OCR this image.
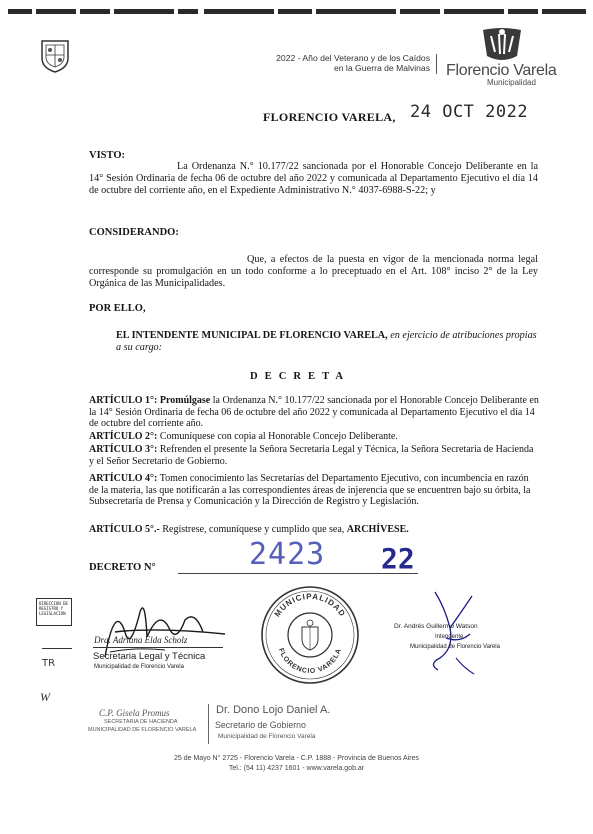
2022 - Año del Veterano y de los Caídos
en la Guerra de Malvinas Florencio Varela
Municipalidad
FLORENCIO VARELA, 24 OCT 2022
VISTO:
La Ordenanza N.° 10.177/22 sancionada por el Honorable Concejo Deliberante en la 14° Sesión Ordinaria de fecha 06 de octubre del año 2022 y comunicada al Departamento Ejecutivo el día 14 de octubre del corriente año, en el Expediente Administrativo N.° 4037-6988-S-22; y
CONSIDERANDO:
Que, a efectos de la puesta en vigor de la mencionada norma legal corresponde su promulgación en un todo conforme a lo preceptuado en el Art. 108° inciso 2° de la Ley Orgánica de las Municipalidades.
POR ELLO,
EL INTENDENTE MUNICIPAL DE FLORENCIO VARELA, en ejercicio de atribuciones propias a su cargo:
DECRETA
ARTÍCULO 1°: Promúlgase la Ordenanza N.° 10.177/22 sancionada por el Honorable Concejo Deliberante en la 14° Sesión Ordinaria de fecha 06 de octubre del año 2022 y comunicada al Departamento Ejecutivo el día 14 de octubre del corriente año.
ARTÍCULO 2°: Comuníquese con copia al Honorable Concejo Deliberante.
ARTÍCULO 3°: Refrenden el presente la Señora Secretaria Legal y Técnica, la Señora Secretaria de Hacienda y el Señor Secretario de Gobierno.
ARTÍCULO 4°: Tomen conocimiento las Secretarías del Departamento Ejecutivo, con incumbencia en razón de la materia, las que notificarán a las correspondientes áreas de injerencia que se encuentren bajo su órbita, la Subsecretaría de Prensa y Comunicación y la Dirección de Registro y Legislación.
ARTÍCULO 5°.- Regístrese, comuníquese y cumplido que sea, ARCHÍVESE.
DECRETO N°	2423 22
DIRECCION DE
REGISTRO Y
LEGISLACION
TR
W
Dra. Adriana Elda Scholz
Secretaria Legal y Técnica
Municipalidad de Florencio Varela
MUNICIPALIDAD
FLORENCIO VARELA
Dr. Andrés Guillermo Watson
Intendente
Municipalidad de Florencio Varela
C.P. Gisela Promus
SECRETARIA DE HACIENDA
MUNICIPALIDAD DE FLORENCIO VARELA
Dr. Dono Lojo Daniel A.
Secretario de Gobierno
Municipalidad de Florencio Varela
25 de Mayo N° 2725 - Florencio Varela - C.P. 1888 - Provincia de Buenos Aires
Tel.: (54 11) 4237 1601 - www.varela.gob.ar
